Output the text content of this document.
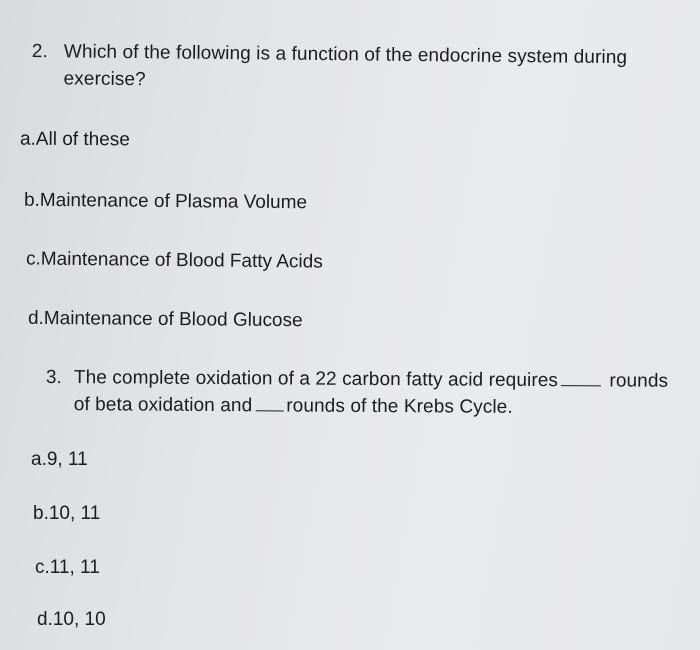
2. Which of the following is a function of the endocrine system during
exercise?
a.All of these
b.Maintenance of Plasma Volume
c.Maintenance of Blood Fatty Acids
d.Maintenance of Blood Glucose
3. The complete oxidation of a 22 carbon fatty acid requires	rounds
of beta oxidation and rounds of the Krebs Cycle.
a.9, 11
b.10, 11
c.11, 11
d.10, 10
